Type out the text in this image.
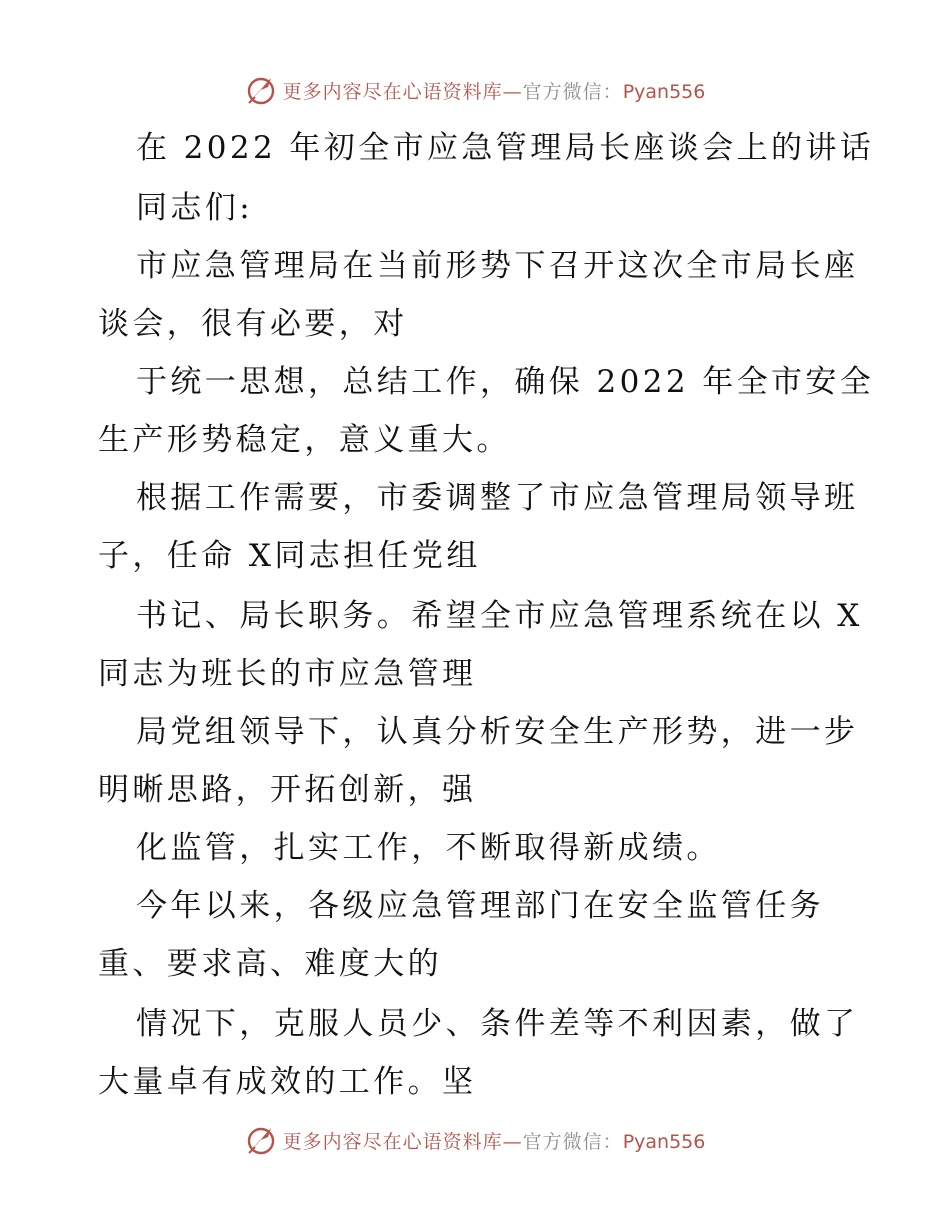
更多内容尽在心语资料库—官方微信：Pyan556
在 2022 年初全市应急管理局长座谈会上的讲话
同志们:
市应急管理局在当前形势下召开这次全市局长座
谈会，很有必要，对
于统一思想，总结工作，确保 2022 年全市安全
生产形势稳定，意义重大。
根据工作需要，市委调整了市应急管理局领导班
子，任命 X同志担任党组
书记、局长职务。希望全市应急管理系统在以 X
同志为班长的市应急管理
局党组领导下，认真分析安全生产形势，进一步
明晰思路，开拓创新，强
化监管，扎实工作，不断取得新成绩。
今年以来，各级应急管理部门在安全监管任务
重、要求高、难度大的
情况下，克服人员少、条件差等不利因素，做了
大量卓有成效的工作。坚
更多内容尽在心语资料库—官方微信：Pyan556
